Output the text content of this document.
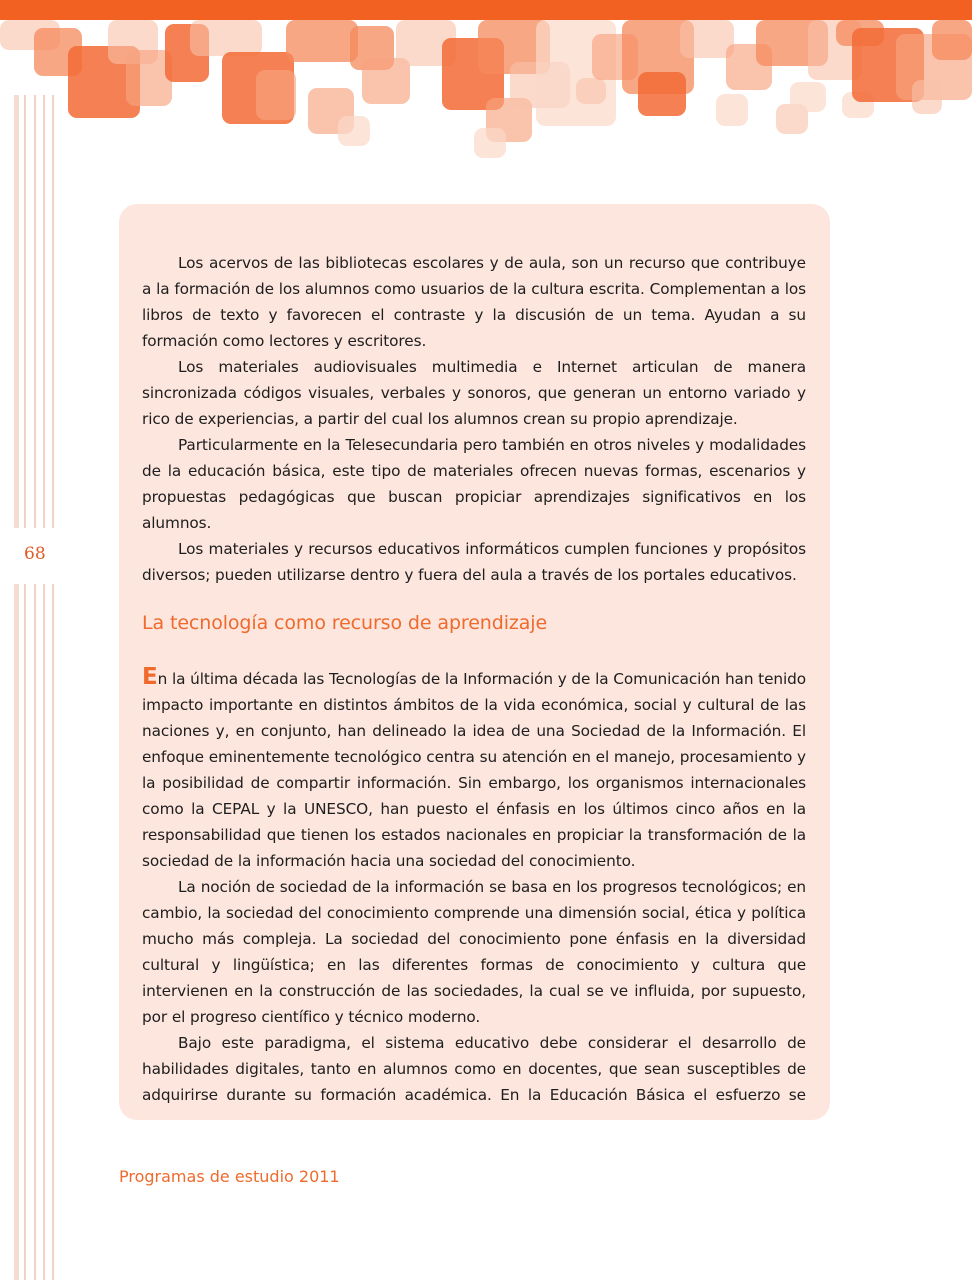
68

Los acervos de las bibliotecas escolares y de aula, son un recurso que contribuye a la formación de los alumnos como usuarios de la cultura escrita. Complementan a los libros de texto y favorecen el contraste y la discusión de un tema. Ayudan a su formación como lectores y escritores.

Los materiales audiovisuales multimedia e Internet articulan de manera sincronizada códigos visuales, verbales y sonoros, que generan un entorno variado y rico de experiencias, a partir del cual los alumnos crean su propio aprendizaje.

Particularmente en la Telesecundaria pero también en otros niveles y modalidades de la educación básica, este tipo de materiales ofrecen nuevas formas, escenarios y propuestas pedagógicas que buscan propiciar aprendizajes significativos en los alumnos.

Los materiales y recursos educativos informáticos cumplen funciones y propósitos diversos; pueden utilizarse dentro y fuera del aula a través de los portales educativos.

La tecnología como recurso de aprendizaje

En la última década las Tecnologías de la Información y de la Comunicación han tenido impacto importante en distintos ámbitos de la vida económica, social y cultural de las naciones y, en conjunto, han delineado la idea de una Sociedad de la Información. El enfoque eminentemente tecnológico centra su atención en el manejo, procesamiento y la posibilidad de compartir información. Sin embargo, los organismos internacionales como la CEPAL y la UNESCO, han puesto el énfasis en los últimos cinco años en la responsabilidad que tienen los estados nacionales en propiciar la transformación de la sociedad de la información hacia una sociedad del conocimiento.

La noción de sociedad de la información se basa en los progresos tecnológicos; en cambio, la sociedad del conocimiento comprende una dimensión social, ética y política mucho más compleja. La sociedad del conocimiento pone énfasis en la diversidad cultural y lingüística; en las diferentes formas de conocimiento y cultura que intervienen en la construcción de las sociedades, la cual se ve influida, por supuesto, por el progreso científico y técnico moderno.

Bajo este paradigma, el sistema educativo debe considerar el desarrollo de habilidades digitales, tanto en alumnos como en docentes, que sean susceptibles de adquirirse durante su formación académica. En la Educación Básica el esfuerzo se

Programas de estudio 2011
